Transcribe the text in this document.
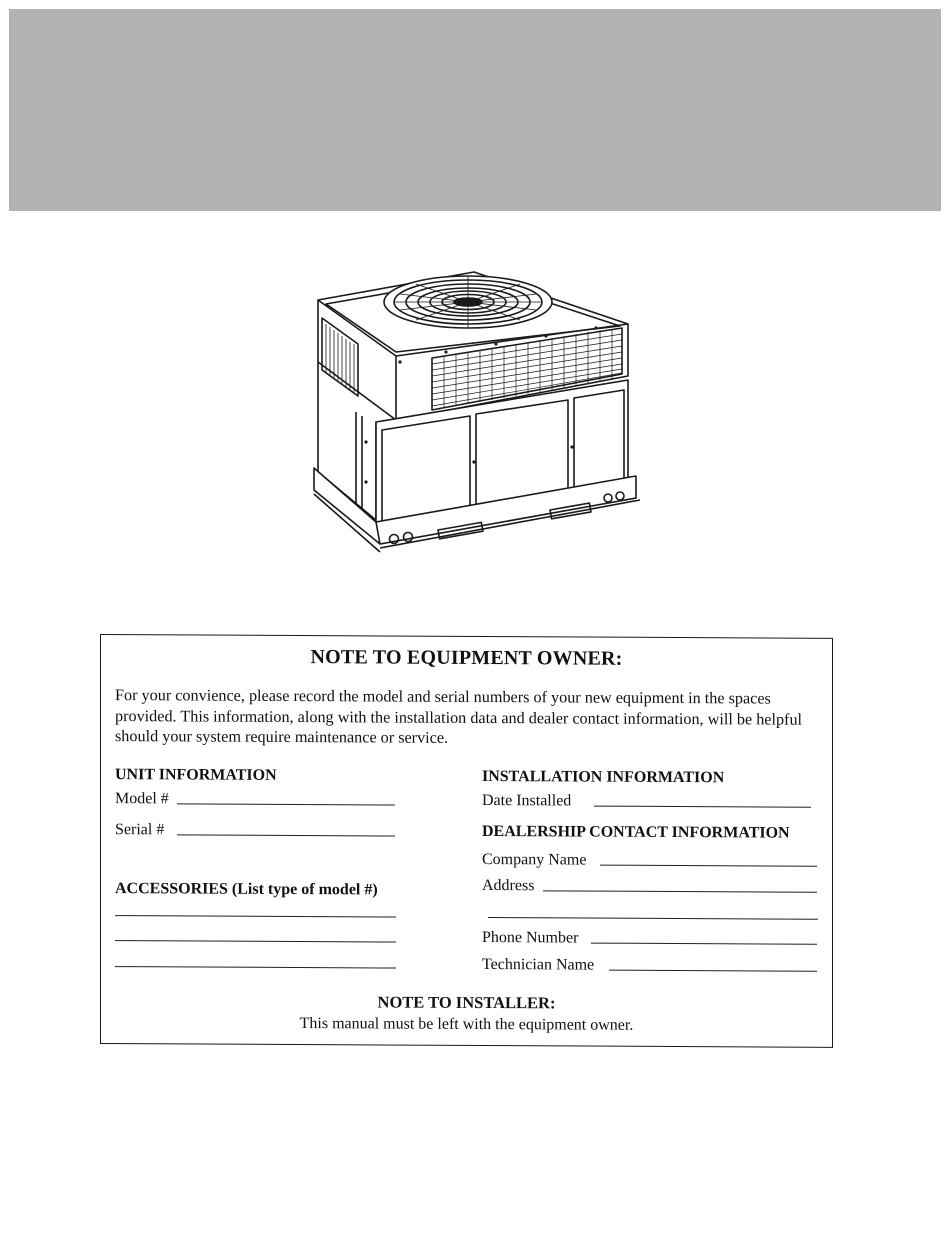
NOTE TO EQUIPMENT OWNER:
For your convience, please record the model and serial numbers of your new equipment in the spaces provided. This information, along with the installation data and dealer contact information, will be helpful should your system require maintenance or service.
UNIT INFORMATION
Model #
Serial #
ACCESSORIES (List type of model #)
INSTALLATION INFORMATION
Date Installed
DEALERSHIP CONTACT INFORMATION
Company Name
Address
Phone Number
Technician Name
NOTE TO INSTALLER:
This manual must be left with the equipment owner.
